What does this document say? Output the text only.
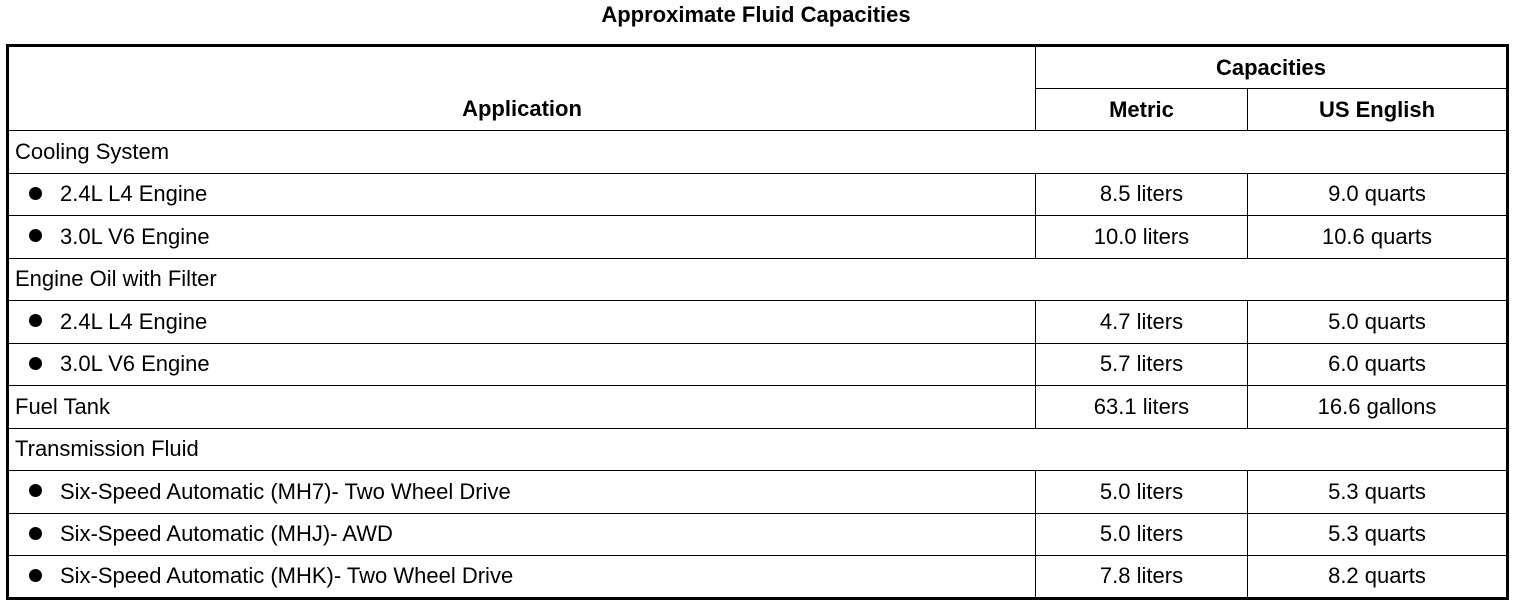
Approximate Fluid Capacities
Application	Capacities	
	Metric	US English
Cooling System		
2.4L L4 Engine	8.5 liters	9.0 quarts
3.0L V6 Engine	10.0 liters	10.6 quarts
Engine Oil with Filter		
2.4L L4 Engine	4.7 liters	5.0 quarts
3.0L V6 Engine	5.7 liters	6.0 quarts
Fuel Tank	63.1 liters	16.6 gallons
Transmission Fluid		
Six-Speed Automatic (MH7)- Two Wheel Drive	5.0 liters	5.3 quarts
Six-Speed Automatic (MHJ)- AWD	5.0 liters	5.3 quarts
Six-Speed Automatic (MHK)- Two Wheel Drive	7.8 liters	8.2 quarts
